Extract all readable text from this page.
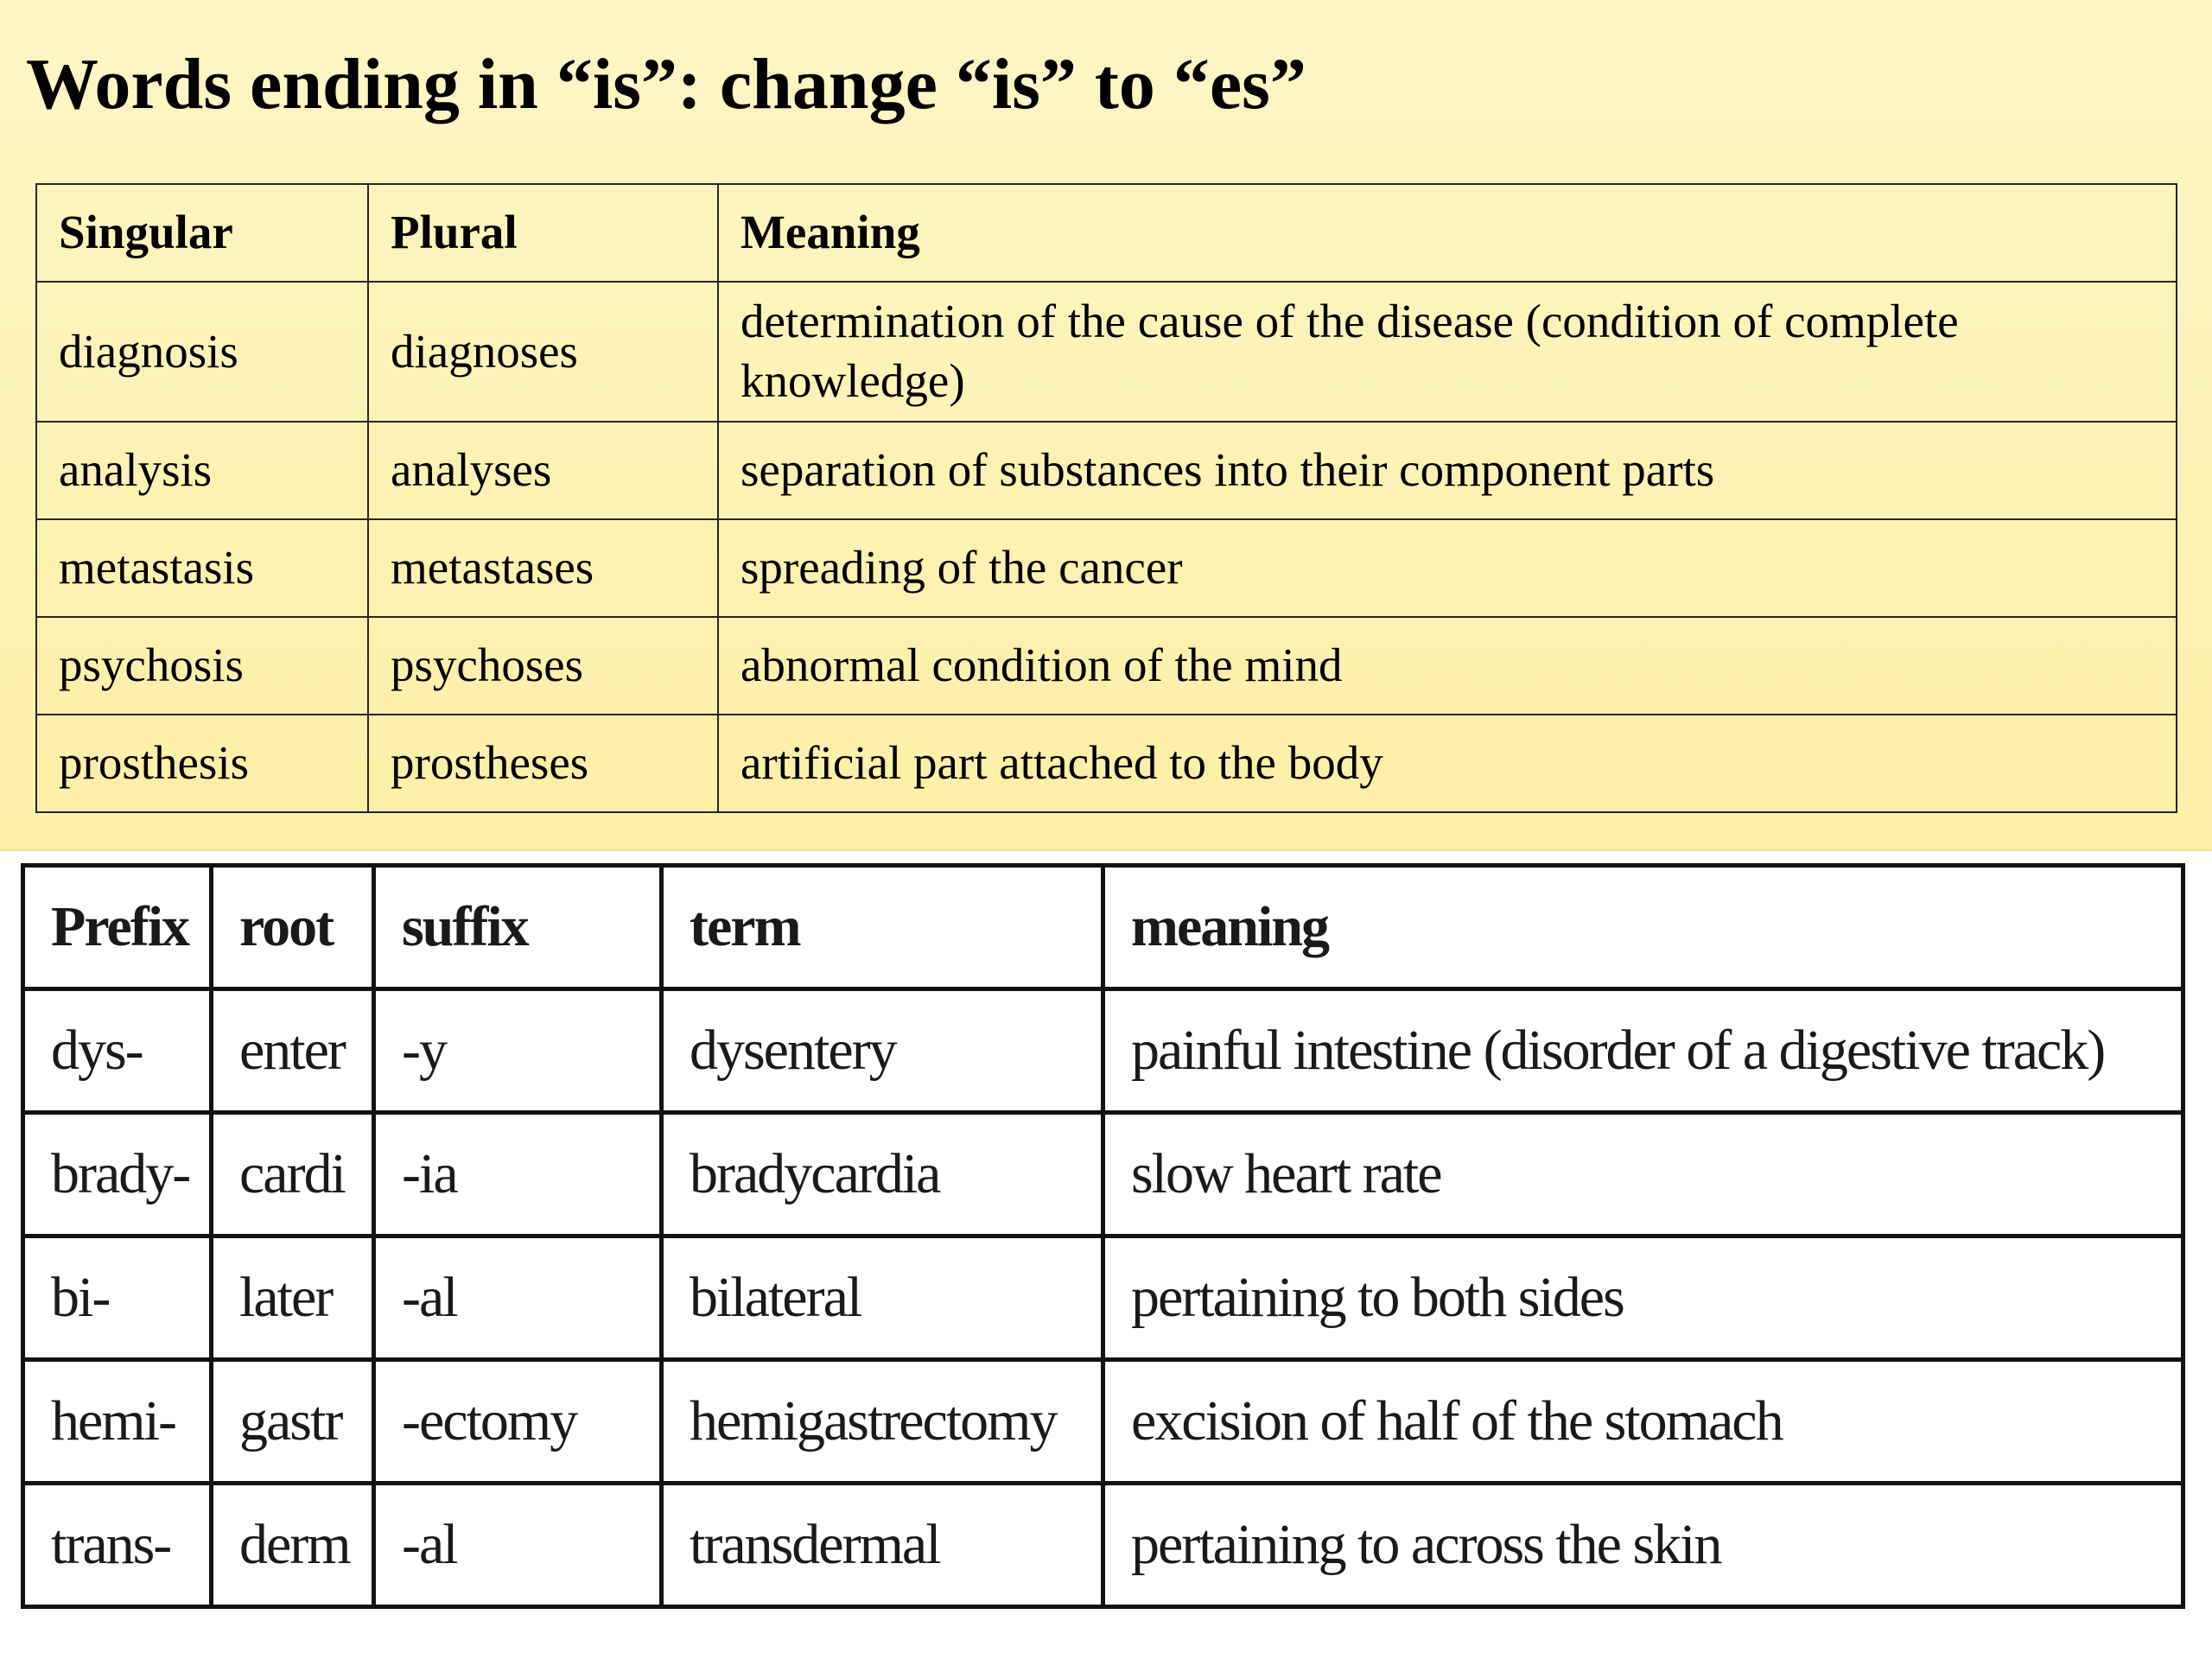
Words ending in “is”: change “is” to “es”
Singular	Plural	Meaning
diagnosis	diagnoses	determination of the cause of the disease (condition of complete knowledge)
analysis	analyses	separation of substances into their component parts
metastasis	metastases	spreading of the cancer
psychosis	psychoses	abnormal condition of the mind
prosthesis	prostheses	artificial part attached to the body
Prefix	root	suffix	term	meaning
dys-	enter	-y	dysentery	painful intestine (disorder of a digestive track)
brady-	cardi	-ia	bradycardia	slow heart rate
bi-	later	-al	bilateral	pertaining to both sides
hemi-	gastr	-ectomy	hemigastrectomy	excision of half of the stomach
trans-	derm	-al	transdermal	pertaining to across the skin
